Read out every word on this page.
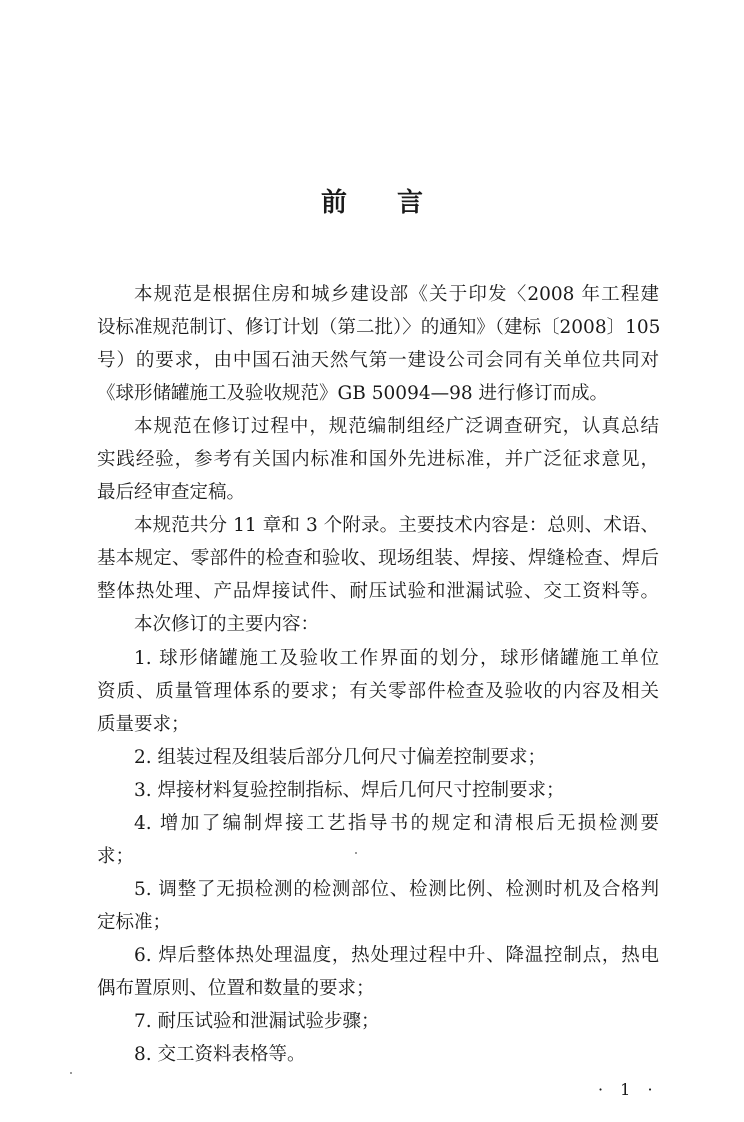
前 言
本规范是根据住房和城乡建设部《关于印发〈2008 年工程建
设标准规范制订、修订计划（第二批）〉的通知》（建标〔2008〕105
号）的要求，由中国石油天然气第一建设公司会同有关单位共同对
《球形储罐施工及验收规范》GB 50094—98 进行修订而成。
本规范在修订过程中，规范编制组经广泛调查研究，认真总结
实践经验，参考有关国内标准和国外先进标准，并广泛征求意见，
最后经审查定稿。
本规范共分 11 章和 3 个附录。主要技术内容是：总则、术语、
基本规定、零部件的检查和验收、现场组装、焊接、焊缝检查、焊后
整体热处理、产品焊接试件、耐压试验和泄漏试验、交工资料等。
本次修订的主要内容：
1. 球形储罐施工及验收工作界面的划分，球形储罐施工单位
资质、质量管理体系的要求；有关零部件检查及验收的内容及相关
质量要求；
2. 组装过程及组装后部分几何尺寸偏差控制要求；
3. 焊接材料复验控制指标、焊后几何尺寸控制要求；
4. 增加了编制焊接工艺指导书的规定和清根后无损检测要
求；
5. 调整了无损检测的检测部位、检测比例、检测时机及合格判
定标准；
6. 焊后整体热处理温度，热处理过程中升、降温控制点，热电
偶布置原则、位置和数量的要求；
7. 耐压试验和泄漏试验步骤；
8. 交工资料表格等。
· 1 ·
